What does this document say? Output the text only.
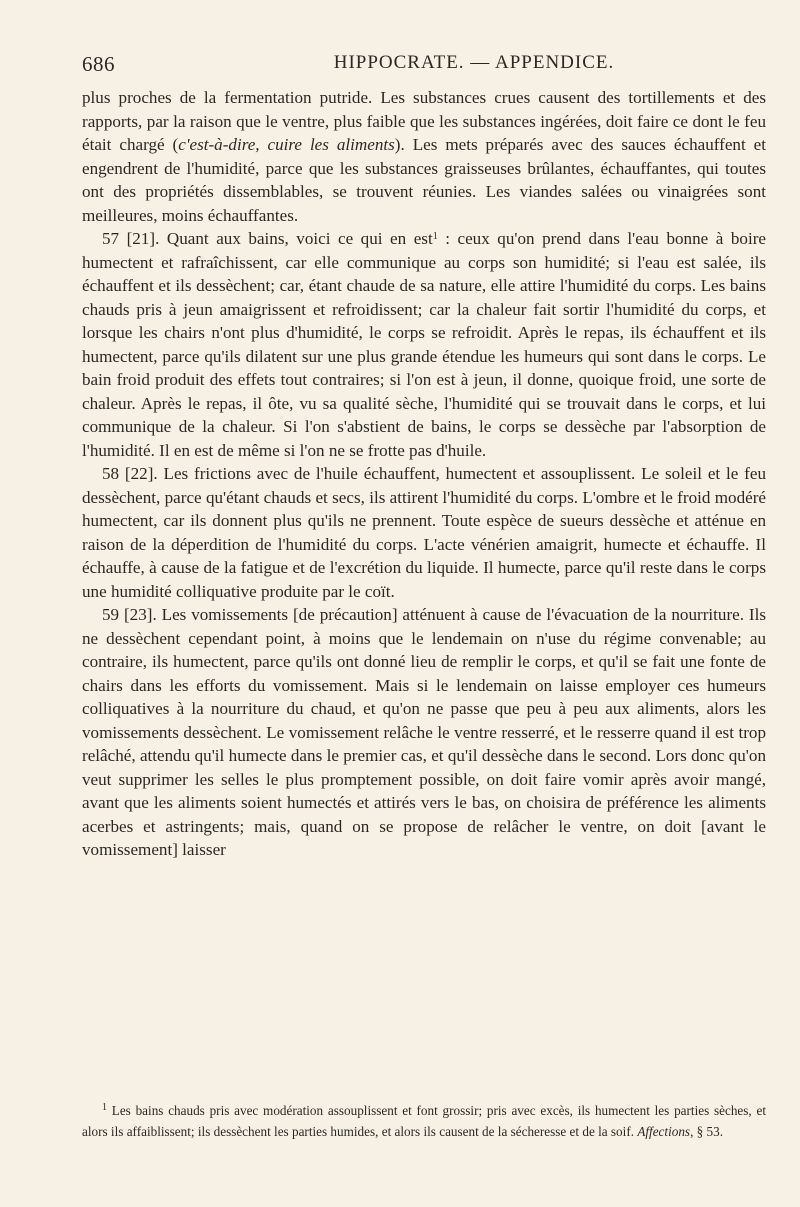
686	HIPPOCRATE. — APPENDICE.

plus proches de la fermentation putride. Les substances crues causent des tortillements et des rapports, par la raison que le ventre, plus faible que les substances ingérées, doit faire ce dont le feu était chargé (c'est-à-dire, cuire les aliments). Les mets préparés avec des sauces échauffent et engendrent de l'humidité, parce que les substances graisseuses brûlantes, échauffantes, qui toutes ont des propriétés dissemblables, se trouvent réunies. Les viandes salées ou vinaigrées sont meilleures, moins échauffantes.

57 [21]. Quant aux bains, voici ce qui en est$^1$ : ceux qu'on prend dans l'eau bonne à boire humectent et rafraîchissent, car elle communique au corps son humidité; si l'eau est salée, ils échauffent et ils dessèchent; car, étant chaude de sa nature, elle attire l'humidité du corps. Les bains chauds pris à jeun amaigrissent et refroidissent; car la chaleur fait sortir l'humidité du corps, et lorsque les chairs n'ont plus d'humidité, le corps se refroidit. Après le repas, ils échauffent et ils humectent, parce qu'ils dilatent sur une plus grande étendue les humeurs qui sont dans le corps. Le bain froid produit des effets tout contraires; si l'on est à jeun, il donne, quoique froid, une sorte de chaleur. Après le repas, il ôte, vu sa qualité sèche, l'humidité qui se trouvait dans le corps, et lui communique de la chaleur. Si l'on s'abstient de bains, le corps se dessèche par l'absorption de l'humidité. Il en est de même si l'on ne se frotte pas d'huile.

58 [22]. Les frictions avec de l'huile échauffent, humectent et assouplissent. Le soleil et le feu dessèchent, parce qu'étant chauds et secs, ils attirent l'humidité du corps. L'ombre et le froid modéré humectent, car ils donnent plus qu'ils ne prennent. Toute espèce de sueurs dessèche et atténue en raison de la déperdition de l'humidité du corps. L'acte vénérien amaigrit, humecte et échauffe. Il échauffe, à cause de la fatigue et de l'excrétion du liquide. Il humecte, parce qu'il reste dans le corps une humidité colliquative produite par le coït.

59 [23]. Les vomissements [de précaution] atténuent à cause de l'évacuation de la nourriture. Ils ne dessèchent cependant point, à moins que le lendemain on n'use du régime convenable; au contraire, ils humectent, parce qu'ils ont donné lieu de remplir le corps, et qu'il se fait une fonte de chairs dans les efforts du vomissement. Mais si le lendemain on laisse employer ces humeurs colliquatives à la nourriture du chaud, et qu'on ne passe que peu à peu aux aliments, alors les vomissements dessèchent. Le vomissement relâche le ventre resserré, et le resserre quand il est trop relâché, attendu qu'il humecte dans le premier cas, et qu'il dessèche dans le second. Lors donc qu'on veut supprimer les selles le plus promptement possible, on doit faire vomir après avoir mangé, avant que les aliments soient humectés et attirés vers le bas, on choisira de préférence les aliments acerbes et astringents; mais, quand on se propose de relâcher le ventre, on doit [avant le vomissement] laisser

$^1$ Les bains chauds pris avec modération assouplissent et font grossir; pris avec excès, ils humectent les parties sèches, et alors ils affaiblissent; ils dessèchent les parties humides, et alors ils causent de la sécheresse et de la soif. Affections, § 53.
